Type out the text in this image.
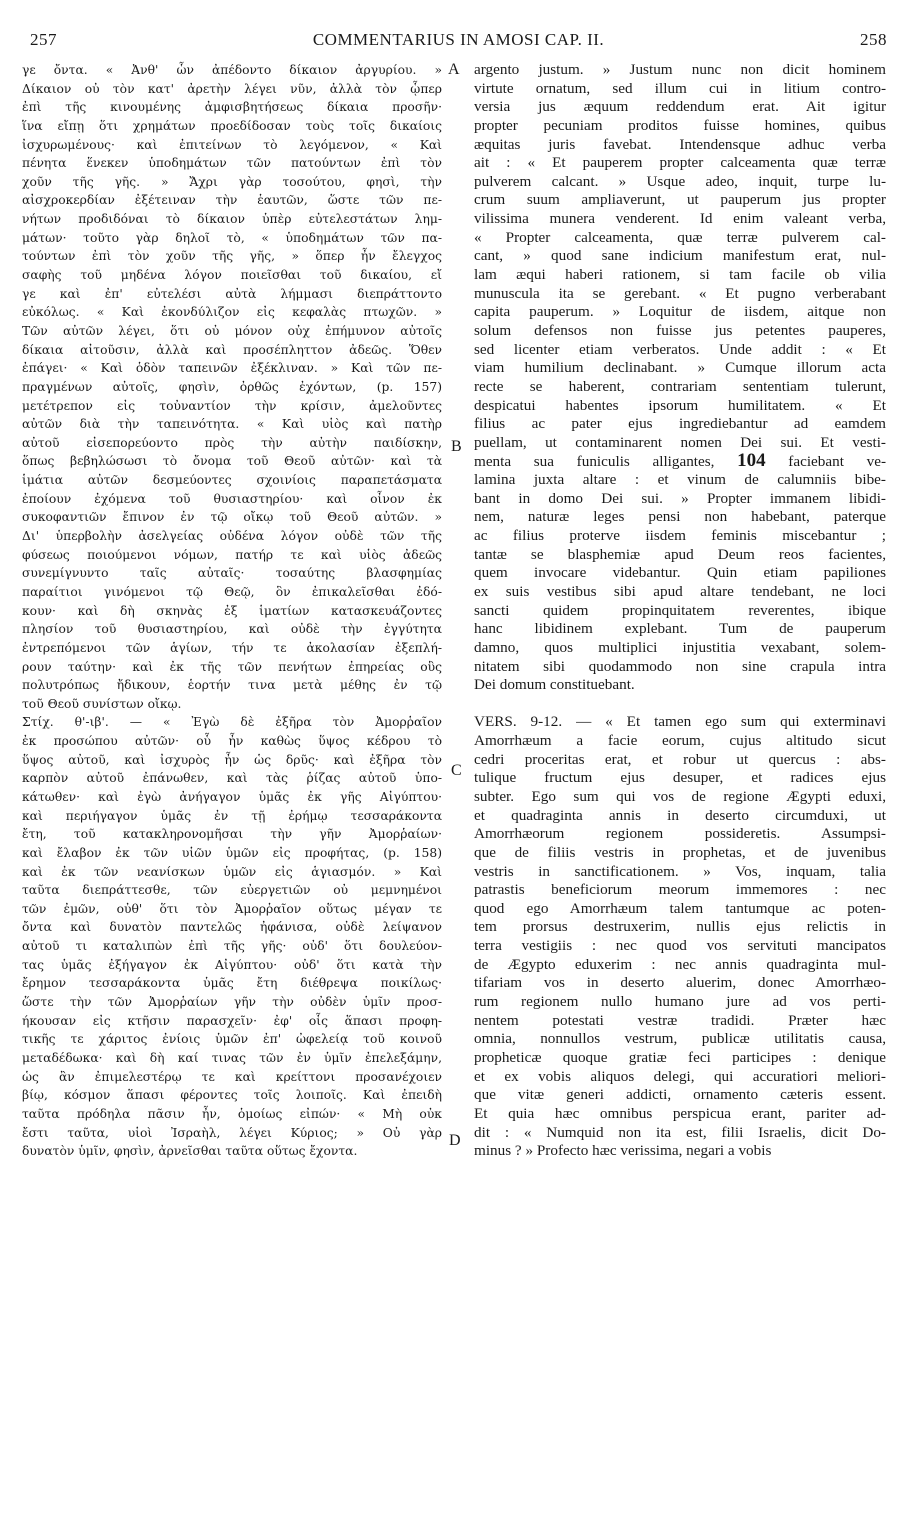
257	COMMENTARIUS IN AMOSI CAP. II.	258
γε ὄντα. « Ἀνθ' ὧν ἀπέδοντο δίκαιον ἀργυρίου. »
Δίκαιον οὐ τὸν κατ' ἀρετὴν λέγει νῦν, ἀλλὰ τὸν ᾧπερ
ἐπὶ τῆς κινουμένης ἀμφισβητήσεως δίκαια προσῆν·
ἵνα εἴπῃ ὅτι χρημάτων προεδίδοσαν τοὺς τοῖς δικαίοις
ἰσχυρωμένους· καὶ ἐπιτείνων τὸ λεγόμενον, « Καὶ
πένητα ἕνεκεν ὑποδημάτων τῶν πατούντων ἐπὶ τὸν
χοῦν τῆς γῆς. » Ἄχρι γὰρ τοσούτου, φησὶ, τὴν
αἰσχροκερδίαν ἐξέτειναν τὴν ἑαυτῶν, ὥστε τῶν πε-
νήτων προδιδόναι τὸ δίκαιον ὑπὲρ εὐτελεστάτων λημ-
μάτων· τοῦτο γὰρ δηλοῖ τὸ, « ὑποδημάτων τῶν πα-
τούντων ἐπὶ τὸν χοῦν τῆς γῆς, » ὅπερ ἦν ἔλεγχος
σαφὴς τοῦ μηδένα λόγον ποιεῖσθαι τοῦ δικαίου, εἴ
γε καὶ ἐπ' εὐτελέσι αὐτὰ λήμμασι διεπράττοντο
εὐκόλως. « Καὶ ἐκονδύλιζον εἰς κεφαλὰς πτωχῶν. »
Τῶν αὐτῶν λέγει, ὅτι οὐ μόνον οὐχ ἐπήμυνον αὐτοῖς
δίκαια αἰτοῦσιν, ἀλλὰ καὶ προσέπληττον ἀδεῶς. Ὅθεν
ἐπάγει· « Καὶ ὁδὸν ταπεινῶν ἐξέκλιναν. » Καὶ τῶν πε-
πραγμένων αὐτοῖς, φησὶν, ὀρθῶς ἐχόντων, (p. 157)
μετέτρεπον εἰς τοὐναντίον τὴν κρίσιν, ἀμελοῦντες
αὐτῶν διὰ τὴν ταπεινότητα. « Καὶ υἱὸς καὶ πατὴρ
αὐτοῦ εἰσεπορεύοντο πρὸς τὴν αὐτὴν παιδίσκην,
ὅπως βεβηλώσωσι τὸ ὄνομα τοῦ Θεοῦ αὐτῶν· καὶ τὰ
ἱμάτια αὐτῶν δεσμεύοντες σχοινίοις παραπετάσματα
ἐποίουν ἐχόμενα τοῦ θυσιαστηρίου· καὶ οἶνον ἐκ
συκοφαντιῶν ἔπινον ἐν τῷ οἴκῳ τοῦ Θεοῦ αὐτῶν. »
Δι' ὑπερβολὴν ἀσελγείας οὐδένα λόγον οὐδὲ τῶν τῆς
φύσεως ποιούμενοι νόμων, πατήρ τε καὶ υἱὸς ἀδεῶς
συνεμίγνυντο ταῖς αὐταῖς· τοσαύτης βλασφημίας
παραίτιοι γινόμενοι τῷ Θεῷ, ὃν ἐπικαλεῖσθαι ἐδό-
κουν· καὶ δὴ σκηνὰς ἐξ ἱματίων κατασκευάζοντες
πλησίον τοῦ θυσιαστηρίου, καὶ οὐδὲ τὴν ἐγγύτητα
ἐντρεπόμενοι τῶν ἁγίων, τήν τε ἀκολασίαν ἐξεπλή-
ρουν ταύτην· καὶ ἐκ τῆς τῶν πενήτων ἐπηρείας οὓς
πολυτρόπως ἤδικουν, ἑορτήν τινα μετὰ μέθης ἐν τῷ
τοῦ Θεοῦ συνίστων οἴκῳ.
Στίχ. θ'-ιβ'. — « Ἐγὼ δὲ ἐξῆρα τὸν Ἀμορῥαῖον
ἐκ προσώπου αὐτῶν· οὗ ἦν καθὼς ὕψος κέδρου τὸ
ὕψος αὐτοῦ, καὶ ἰσχυρὸς ἦν ὡς δρῦς· καὶ ἐξῆρα τὸν
καρπὸν αὐτοῦ ἐπάνωθεν, καὶ τὰς ῥίζας αὐτοῦ ὑπο-
κάτωθεν· καὶ ἐγὼ ἀνήγαγον ὑμᾶς ἐκ γῆς Αἰγύπτου·
καὶ περιήγαγον ὑμᾶς ἐν τῇ ἐρήμῳ τεσσαράκοντα
ἔτη, τοῦ κατακληρονομῆσαι τὴν γῆν Ἀμορῥαίων·
καὶ ἔλαβον ἐκ τῶν υἱῶν ὑμῶν εἰς προφήτας, (p. 158)
καὶ ἐκ τῶν νεανίσκων ὑμῶν εἰς ἁγιασμόν. » Καὶ
ταῦτα διεπράττεσθε, τῶν εὐεργετιῶν οὐ μεμνημένοι
τῶν ἐμῶν, οὐθ' ὅτι τὸν Ἀμορῥαῖον οὕτως μέγαν τε
ὄντα καὶ δυνατὸν παντελῶς ἠφάνισα, οὐδὲ λείψανον
αὐτοῦ τι καταλιπὼν ἐπὶ τῆς γῆς· οὐδ' ὅτι δουλεύον-
τας ὑμᾶς ἐξήγαγον ἐκ Αἰγύπτου· οὐδ' ὅτι κατὰ τὴν
ἔρημον τεσσαράκοντα ὑμᾶς ἔτη διέθρεψα ποικίλως·
ὥστε τὴν τῶν Ἀμορῥαίων γῆν τὴν οὐδὲν ὑμῖν προσ-
ήκουσαν εἰς κτῆσιν παρασχεῖν· ἐφ' οἷς ἅπασι προφη-
τικῆς τε χάριτος ἐνίοις ὑμῶν ἐπ' ὠφελείᾳ τοῦ κοινοῦ
μεταδέδωκα· καὶ δὴ καί τινας τῶν ἐν ὑμῖν ἐπελεξάμην,
ὡς ἂν ἐπιμελεστέρῳ τε καὶ κρείττονι προσανέχοιεν
βίῳ, κόσμον ἅπασι φέροντες τοῖς λοιποῖς. Καὶ ἐπειδὴ
ταῦτα πρόδηλα πᾶσιν ἦν, ὁμοίως εἰπών· « Μὴ οὐκ
ἔστι ταῦτα, υἱοὶ Ἰσραὴλ, λέγει Κύριος; » Οὐ γὰρ
δυνατὸν ὑμῖν, φησὶν, ἀρνεῖσθαι ταῦτα οὕτως ἔχοντα.
argento justum. » Justum nunc non dicit hominem
virtute ornatum, sed illum cui in litium contro-
versia jus æquum reddendum erat. Ait igitur
propter pecuniam proditos fuisse homines, quibus
æquitas juris favebat. Intendensque adhuc verba
ait : « Et pauperem propter calceamenta quæ terræ
pulverem calcant. » Usque adeo, inquit, turpe lu-
crum suum ampliaverunt, ut pauperum jus propter
vilissima munera venderent. Id enim valeant verba,
« Propter calceamenta, quæ terræ pulverem cal-
cant, » quod sane indicium manifestum erat, nul-
lam æqui haberi rationem, si tam facile ob vilia
munuscula ita se gerebant. « Et pugno verberabant
capita pauperum. » Loquitur de iisdem, aitque non
solum defensos non fuisse jus petentes pauperes,
sed licenter etiam verberatos. Unde addit : « Et
viam humilium declinabant. » Cumque illorum acta
recte se haberent, contrariam sententiam tulerunt,
despicatui habentes ipsorum humilitatem. « Et
filius ac pater ejus ingrediebantur ad eamdem
puellam, ut contaminarent nomen Dei sui. Et vesti-
menta sua funiculis alligantes, 104 faciebant ve-
lamina juxta altare : et vinum de calumniis bibe-
bant in domo Dei sui. » Propter immanem libidi-
nem, naturæ leges pensi non habebant, paterque
ac filius proterve iisdem feminis miscebantur ;
tantæ se blasphemiæ apud Deum reos facientes,
quem invocare videbantur. Quin etiam papiliones
ex suis vestibus sibi apud altare tendebant, ne loci
sancti quidem propinquitatem reverentes, ibique
hanc libidinem explebant. Tum de pauperum
damno, quos multiplici injustitia vexabant, solem-
nitatem sibi quodammodo non sine crapula intra
Dei domum constituebant.
VERS. 9-12. — « Et tamen ego sum qui exterminavi
Amorrhæum a facie eorum, cujus altitudo sicut
cedri proceritas erat, et robur ut quercus : abs-
tulique fructum ejus desuper, et radices ejus
subter. Ego sum qui vos de regione Ægypti eduxi,
et quadraginta annis in deserto circumduxi, ut
Amorrhæorum regionem possideretis. Assumpsi-
que de filiis vestris in prophetas, et de juvenibus
vestris in sanctificationem. » Vos, inquam, talia
patrastis beneficiorum meorum immemores : nec
quod ego Amorrhæum talem tantumque ac poten-
tem prorsus destruxerim, nullis ejus relictis in
terra vestigiis : nec quod vos servituti mancipatos
de Ægypto eduxerim : nec annis quadraginta mul-
tifariam vos in deserto aluerim, donec Amorrhæo-
rum regionem nullo humano jure ad vos perti-
nentem potestati vestræ tradidi. Præter hæc
omnia, nonnullos vestrum, publicæ utilitatis causa,
propheticæ quoque gratiæ feci participes : denique
et ex vobis aliquos delegi, qui accuratiori meliori-
que vitæ generi addicti, ornamento cæteris essent.
Et quia hæc omnibus perspicua erant, pariter ad-
dit : « Numquid non ita est, filii Israelis, dicit Do-
minus ? » Profecto hæc verissima, negari a vobis
A
B
C
D
